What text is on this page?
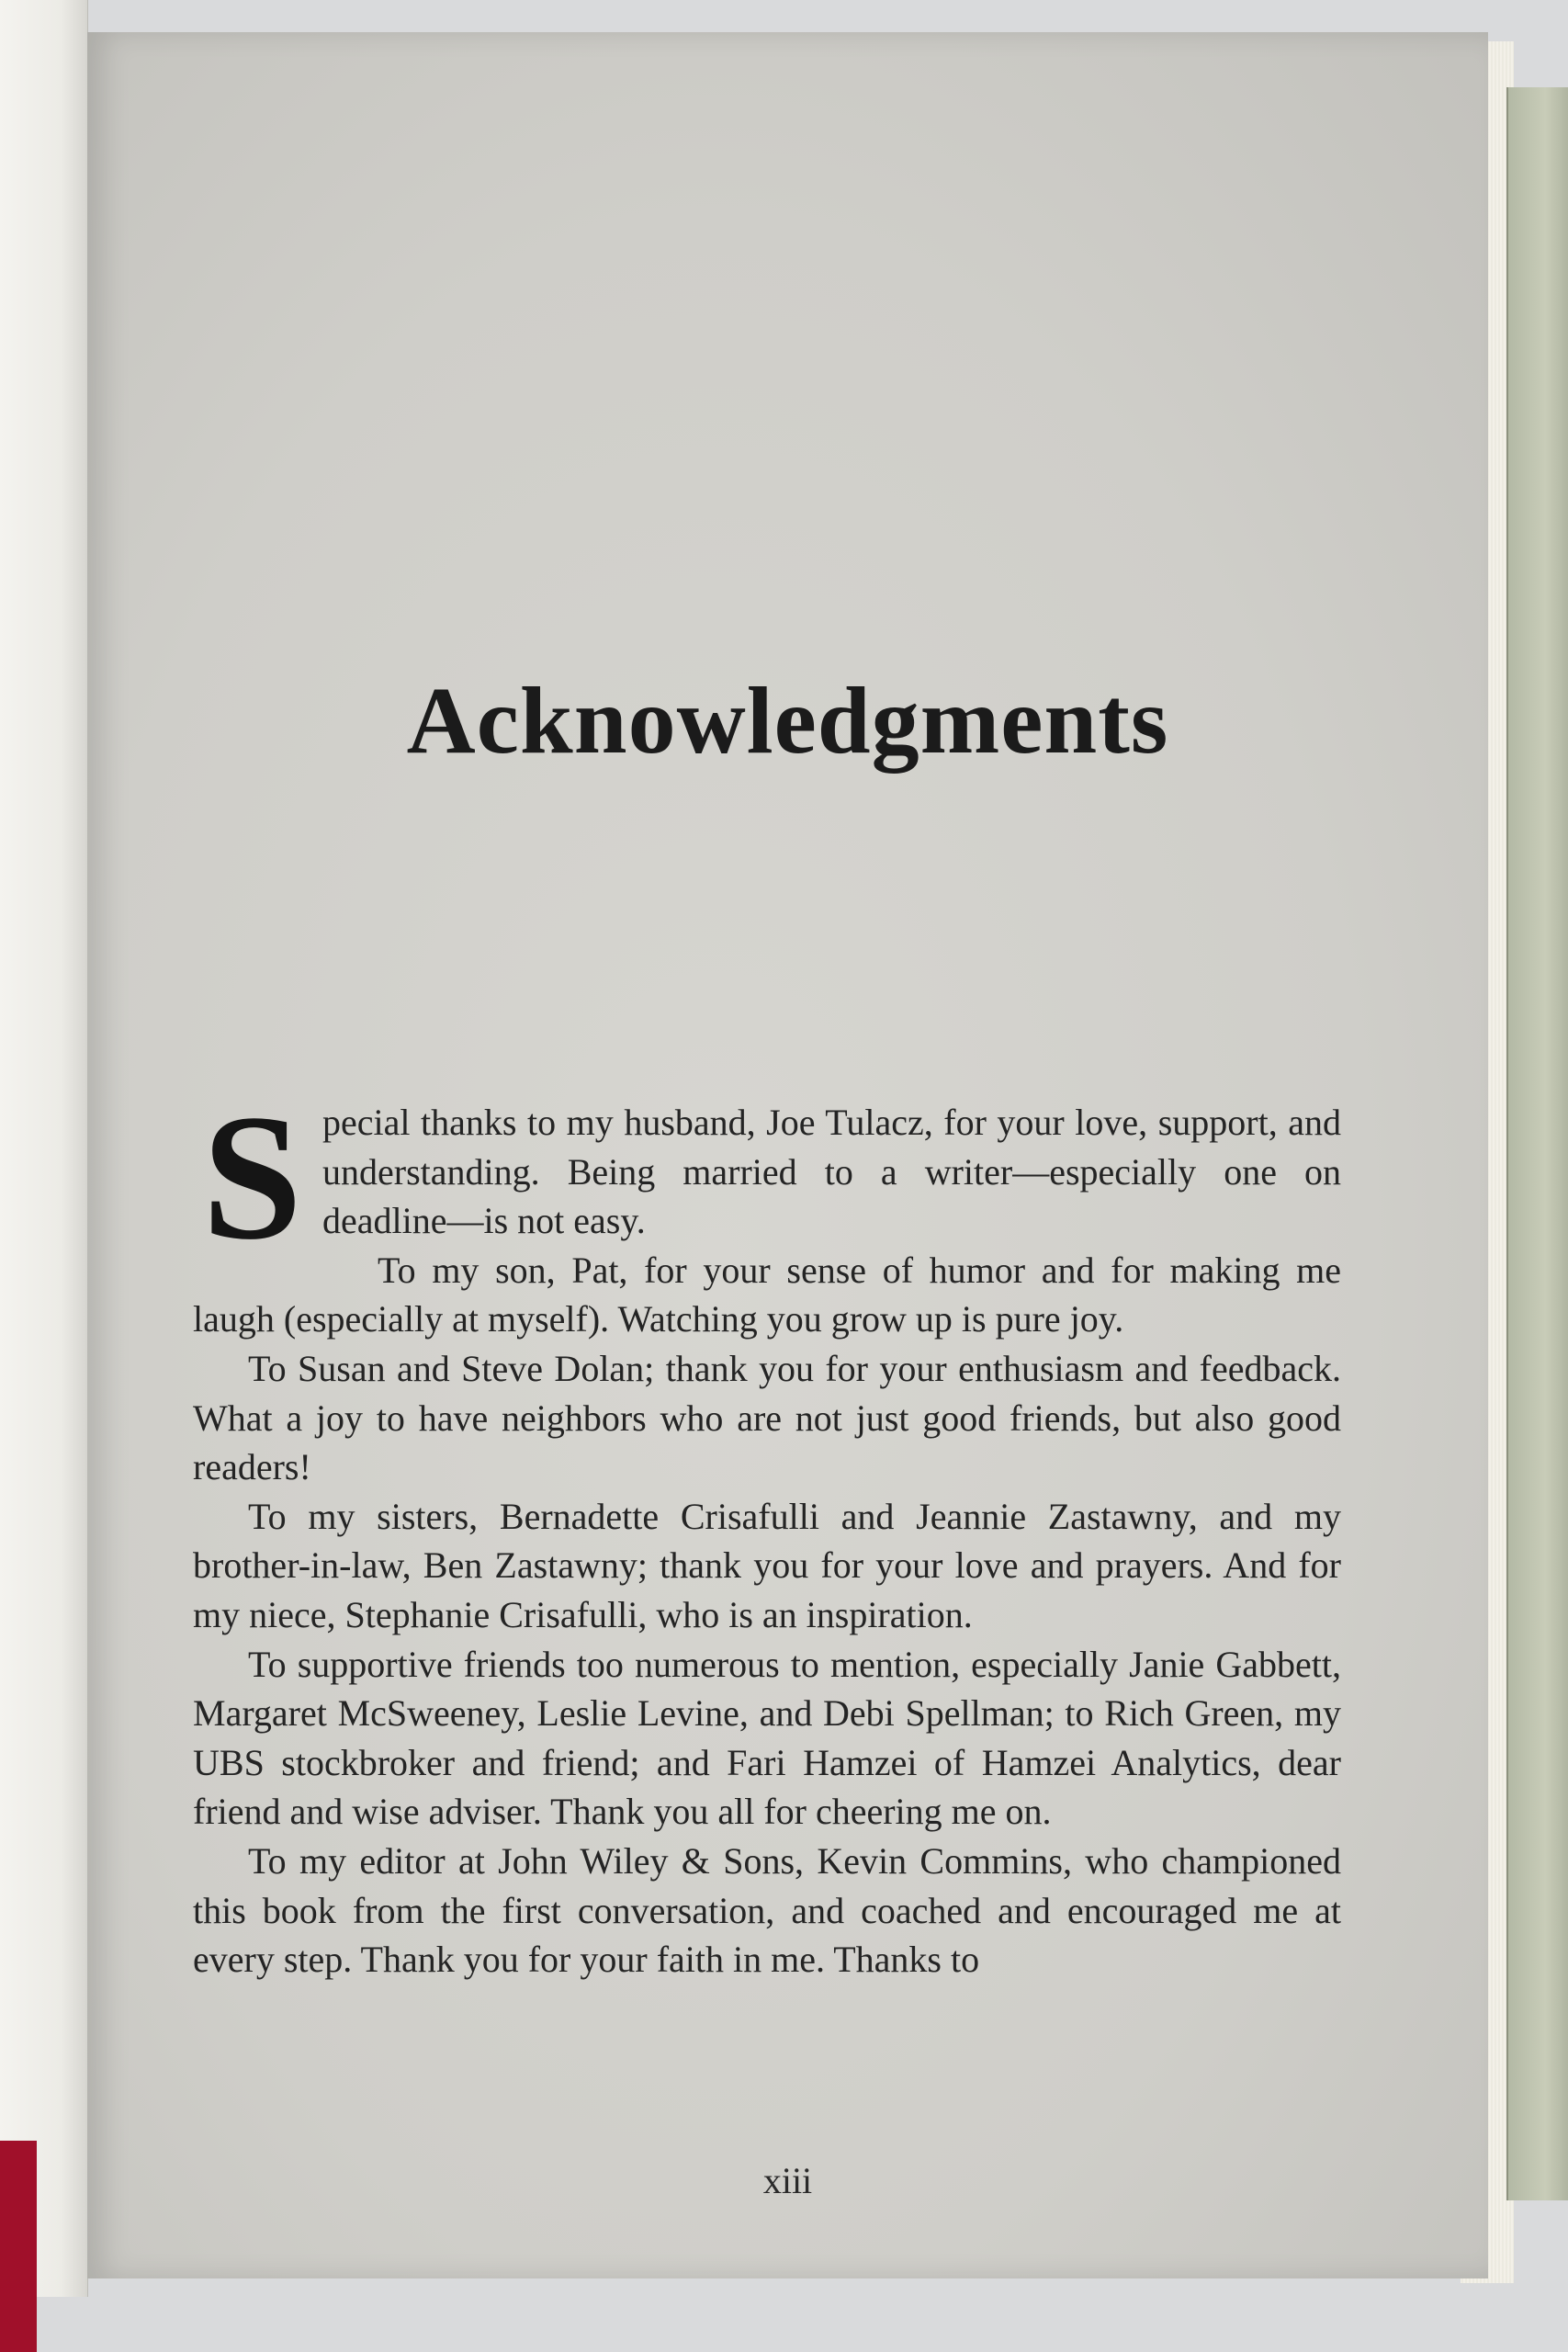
Acknowledgments

Special thanks to my husband, Joe Tulacz, for your love, support, and understanding. Being married to a writer—especially one on deadline—is not easy.

To my son, Pat, for your sense of humor and for making me laugh (especially at myself). Watching you grow up is pure joy.

To Susan and Steve Dolan; thank you for your enthusiasm and feedback. What a joy to have neighbors who are not just good friends, but also good readers!

To my sisters, Bernadette Crisafulli and Jeannie Zastawny, and my brother-in-law, Ben Zastawny; thank you for your love and prayers. And for my niece, Stephanie Crisafulli, who is an inspiration.

To supportive friends too numerous to mention, especially Janie Gabbett, Margaret McSweeney, Leslie Levine, and Debi Spellman; to Rich Green, my UBS stockbroker and friend; and Fari Hamzei of Hamzei Analytics, dear friend and wise adviser. Thank you all for cheering me on.

To my editor at John Wiley & Sons, Kevin Commins, who championed this book from the first conversation, and coached and encouraged me at every step. Thank you for your faith in me. Thanks to

xiii
